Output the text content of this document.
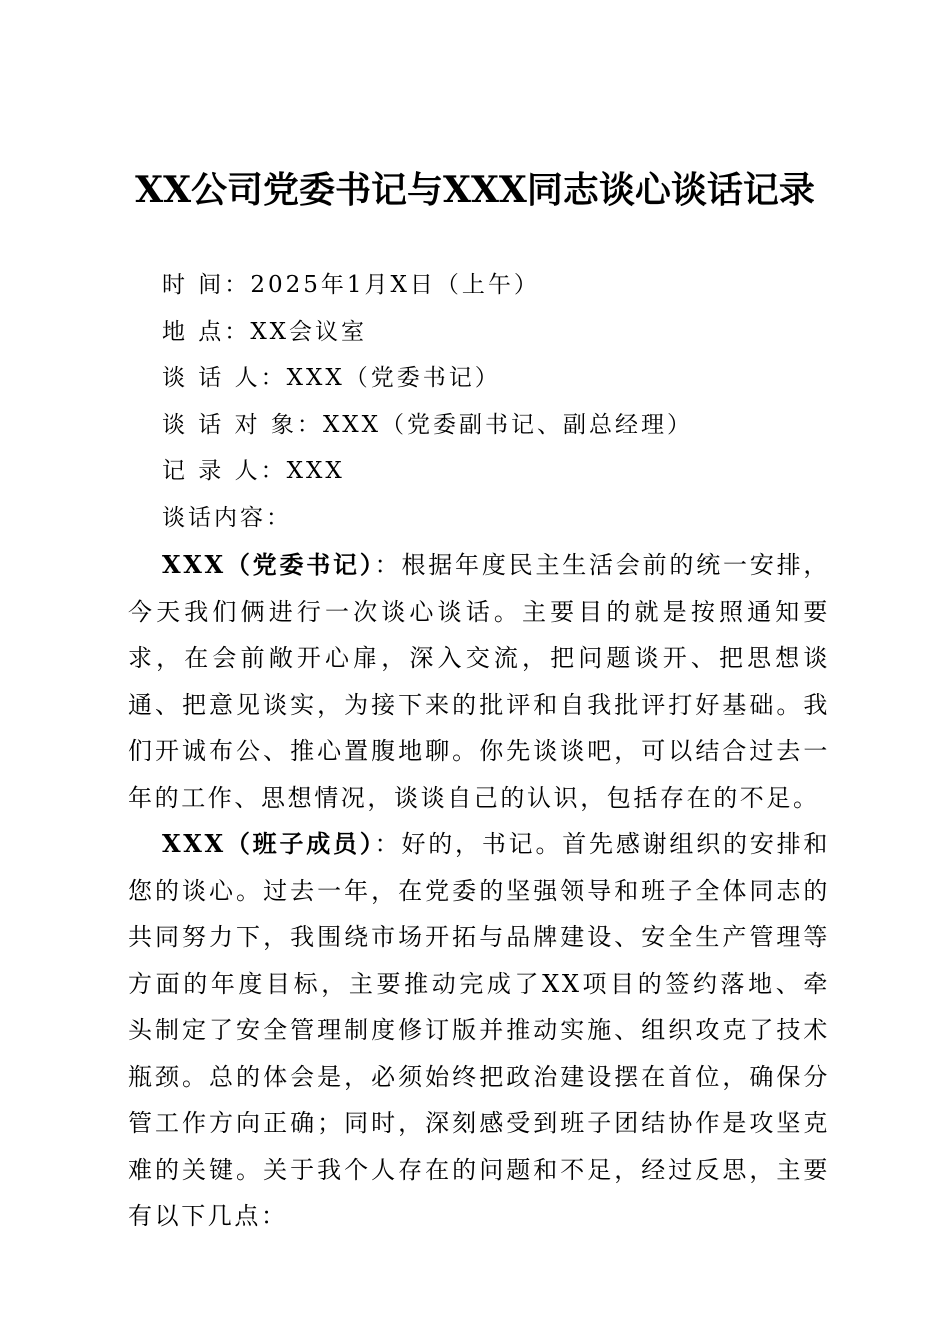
XX公司党委书记与XXX同志谈心谈话记录
时 间：2025年1月X日（上午）
地 点：XX会议室
谈 话 人：XXX（党委书记）
谈 话 对 象：XXX（党委副书记、副总经理）
记 录 人：XXX
谈话内容：

XXX（党委书记）：根据年度民主生活会前的统一安排，今天我们俩进行一次谈心谈话。主要目的就是按照通知要求，在会前敞开心扉，深入交流，把问题谈开、把思想谈通、把意见谈实，为接下来的批评和自我批评打好基础。我们开诚布公、推心置腹地聊。你先谈谈吧，可以结合过去一年的工作、思想情况，谈谈自己的认识，包括存在的不足。

XXX（班子成员）：好的，书记。首先感谢组织的安排和您的谈心。过去一年，在党委的坚强领导和班子全体同志的共同努力下，我围绕市场开拓与品牌建设、安全生产管理等方面的年度目标，主要推动完成了XX项目的签约落地、牵头制定了安全管理制度修订版并推动实施、组织攻克了技术瓶颈。总的体会是，必须始终把政治建设摆在首位，确保分管工作方向正确；同时，深刻感受到班子团结协作是攻坚克难的关键。关于我个人存在的问题和不足，经过反思，主要有以下几点：
